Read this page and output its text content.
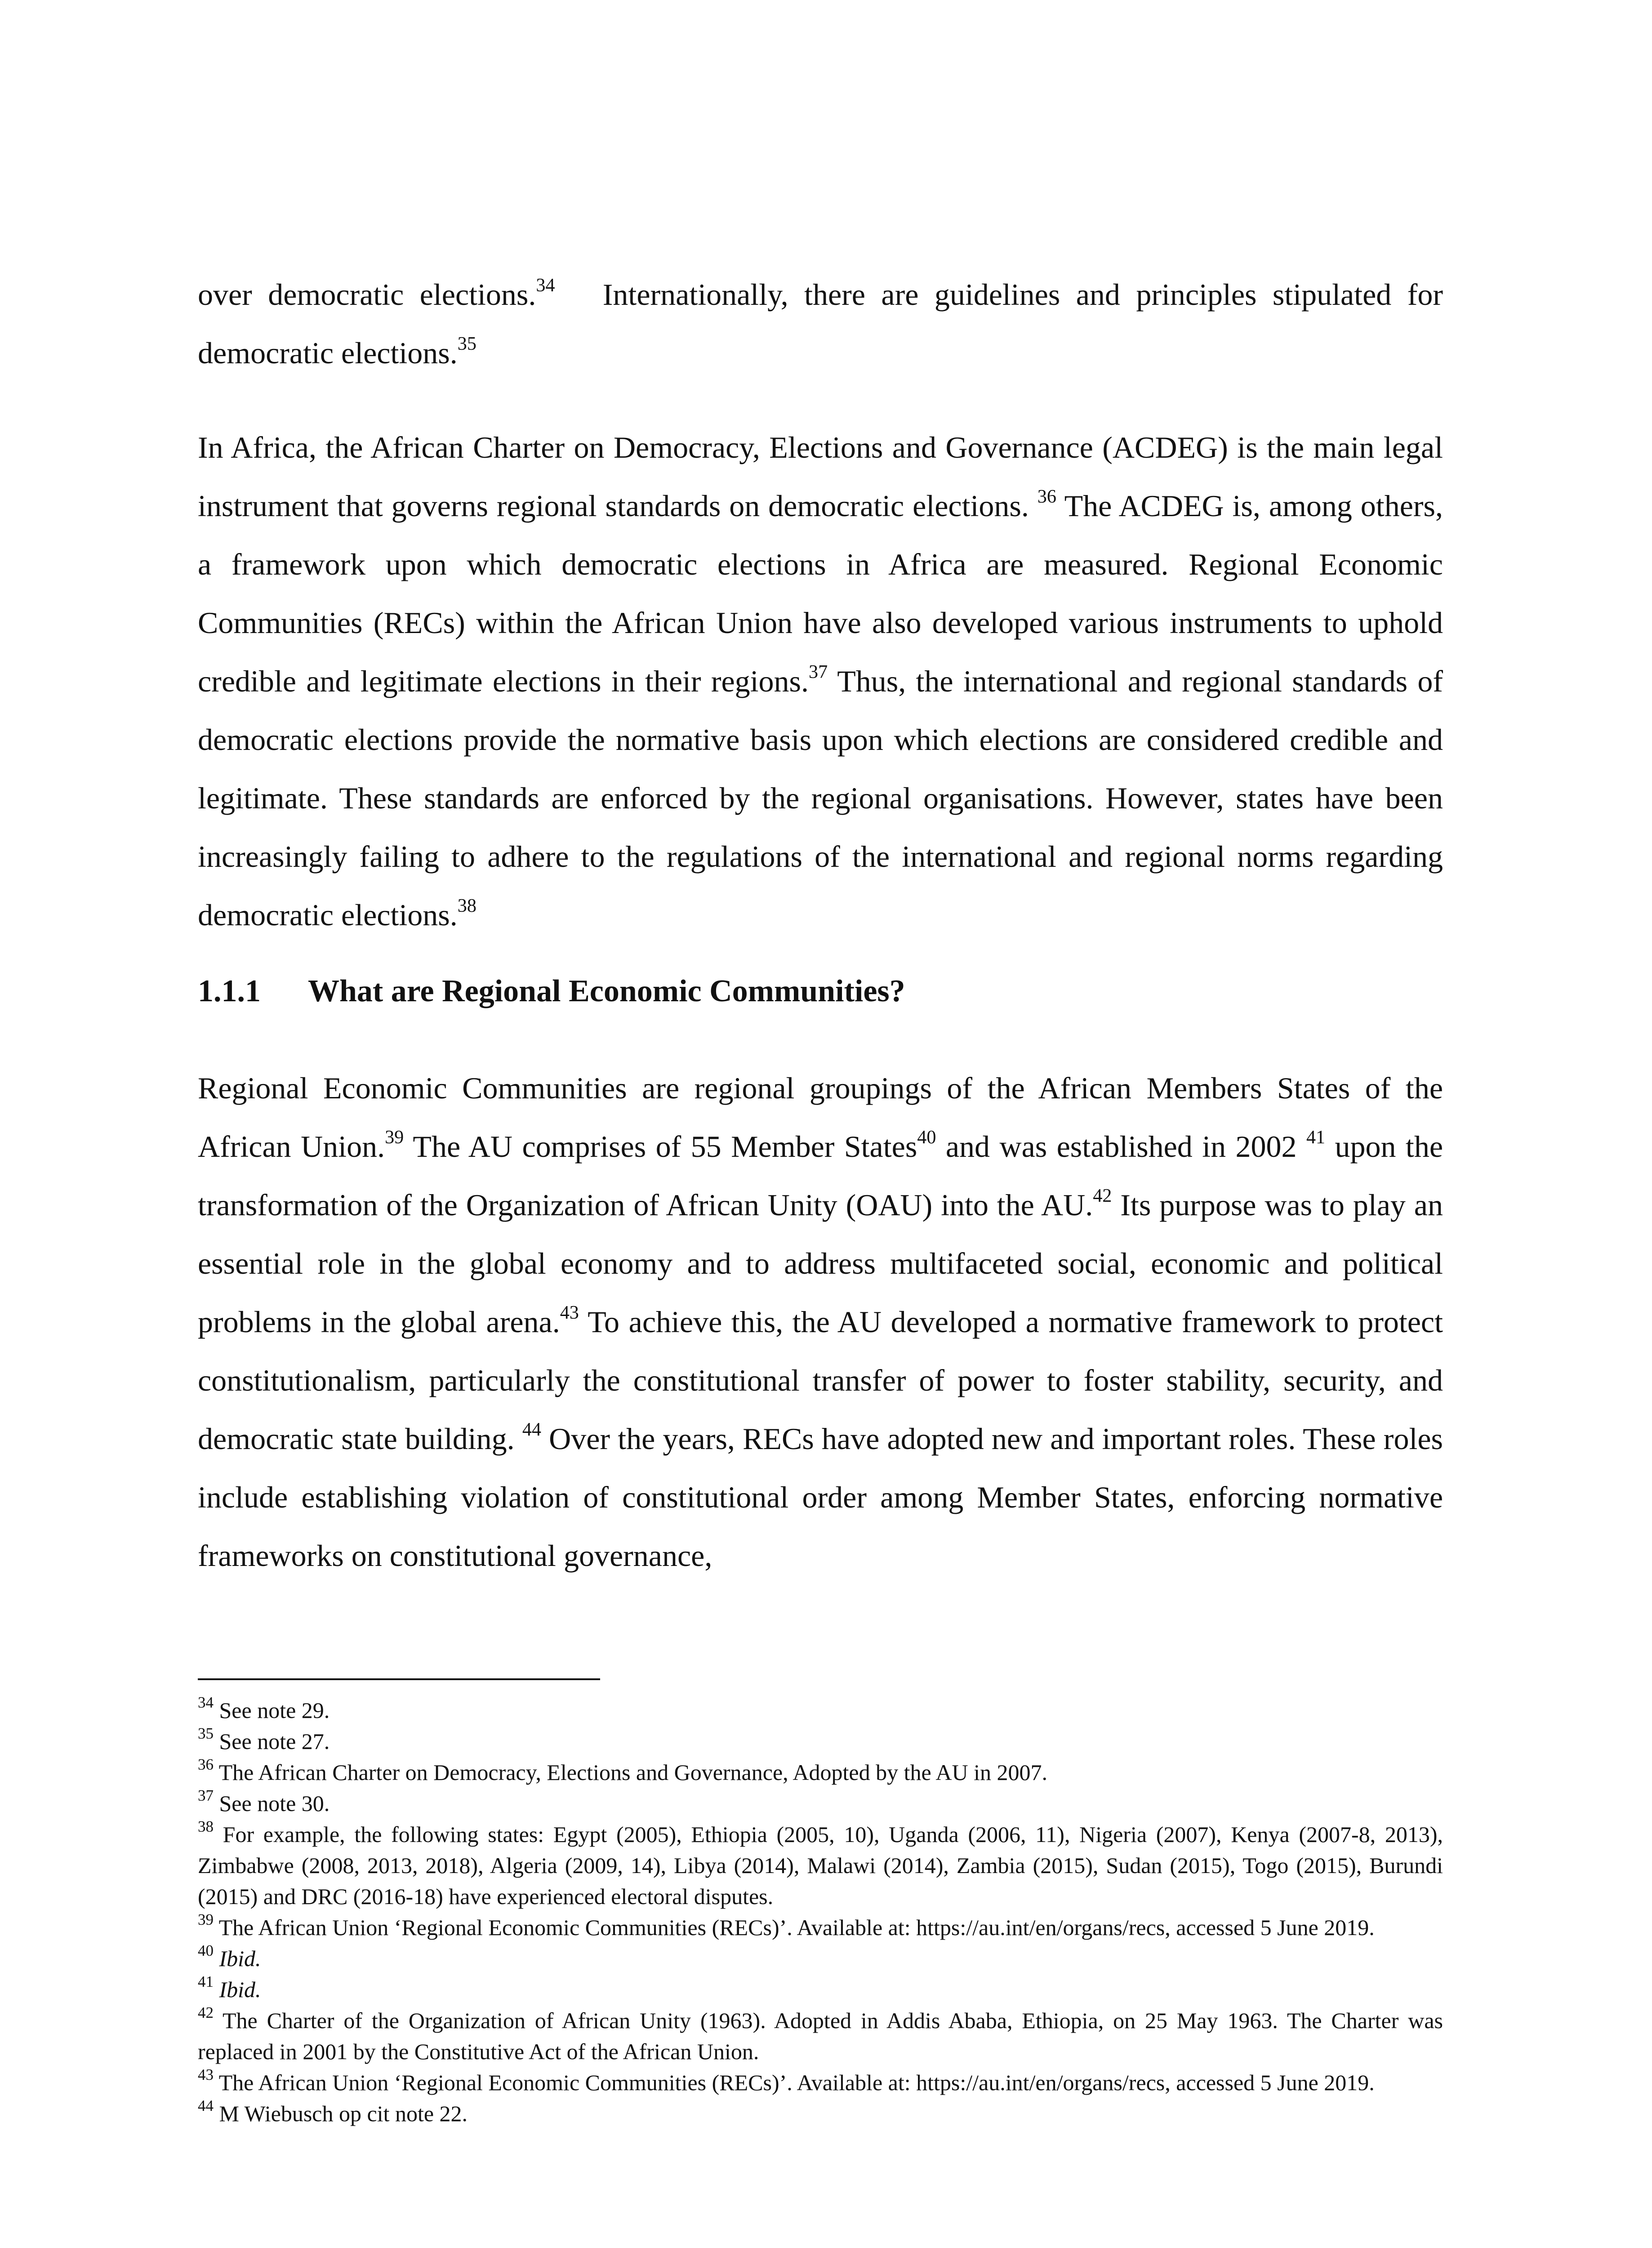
over democratic elections.$^{34}$   Internationally, there are guidelines and principles stipulated for democratic elections.$^{35}$
In Africa, the African Charter on Democracy, Elections and Governance (ACDEG) is the main legal instrument that governs regional standards on democratic elections. $^{36}$ The ACDEG is, among others, a framework upon which democratic elections in Africa are measured. Regional Economic Communities (RECs) within the African Union have also developed various instruments to uphold credible and legitimate elections in their regions.$^{37}$ Thus, the international and regional standards of democratic elections provide the normative basis upon which elections are considered credible and legitimate. These standards are enforced by the regional organisations. However, states have been increasingly failing to adhere to the regulations of the international and regional norms regarding democratic elections.$^{38}$
1.1.1 What are Regional Economic Communities?
Regional Economic Communities are regional groupings of the African Members States of the African Union.$^{39}$ The AU comprises of 55 Member States$^{40}$ and was established in 2002 $^{41}$ upon the transformation of the Organization of African Unity (OAU) into the AU.$^{42}$ Its purpose was to play an essential role in the global economy and to address multifaceted social, economic and political problems in the global arena.$^{43}$ To achieve this, the AU developed a normative framework to protect constitutionalism, particularly the constitutional transfer of power to foster stability, security, and democratic state building. $^{44}$ Over the years, RECs have adopted new and important roles. These roles include establishing violation of constitutional order among Member States, enforcing normative frameworks on constitutional governance,

$^{34}$ See note 29.

$^{35}$ See note 27.

$^{36}$ The African Charter on Democracy, Elections and Governance, Adopted by the AU in 2007.

$^{37}$ See note 30.

$^{38}$ For example, the following states: Egypt (2005), Ethiopia (2005, 10), Uganda (2006, 11), Nigeria (2007), Kenya (2007-8, 2013), Zimbabwe (2008, 2013, 2018), Algeria (2009, 14), Libya (2014), Malawi (2014), Zambia (2015), Sudan (2015), Togo (2015), Burundi (2015) and DRC (2016-18) have experienced electoral disputes.

$^{39}$ The African Union ‘Regional Economic Communities (RECs)’. Available at: https://au.int/en/organs/recs, accessed 5 June 2019.

$^{40}$ Ibid.

$^{41}$ Ibid.

$^{42}$ The Charter of the Organization of African Unity (1963). Adopted in Addis Ababa, Ethiopia, on 25 May 1963. The Charter was replaced in 2001 by the Constitutive Act of the African Union.

$^{43}$ The African Union ‘Regional Economic Communities (RECs)’. Available at: https://au.int/en/organs/recs, accessed 5 June 2019.

$^{44}$ M Wiebusch op cit note 22.
